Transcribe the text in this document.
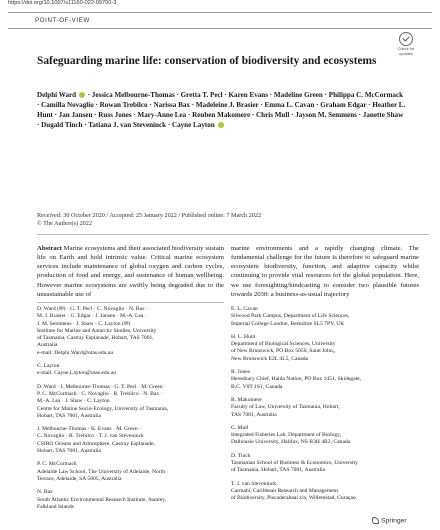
https://doi.org/10.1007/s11160-022-09700-3
POINT-OF-VIEW
Check for
updates
Safeguarding marine life: conservation of biodiversity and ecosystems
Delphi Ward  · Jessica Melbourne-Thomas · Gretta T. Pecl · Karen Evans · Madeline Green · Philippa C. McCormack · Camilla Novaglio · Rowan Trebilco · Narissa Bax · Madeleine J. Brasier · Emma L. Cavan · Graham Edgar · Heather L. Hunt · Jan Jansen · Russ Jones · Mary-Anne Lea · Reuben Makomere · Chris Mull · Jayson M. Semmens · Janette Shaw · Dugald Tinch · Tatiana J. van Steveninck · Cayne Layton
Received: 30 October 2020 / Accepted: 25 January 2022 / Published online: 7 March 2022
© The Author(s) 2022
Abstract Marine ecosystems and their associated biodiversity sustain life on Earth and hold intrinsic value. Critical marine ecosystem services include maintenance of global oxygen and carbon cycles, production of food and energy, and sustenance of human wellbeing. However marine ecosystems are swiftly being degraded due to the unsustainable use of
marine environments and a rapidly changing climate. The fundamental challenge for the future is therefore to safeguard marine ecosystem biodiversity, function, and adaptive capacity whilst continuing to provide vital resources for the global population. Here, we use foresighting/hindcasting to consider two plausible futures towards 2030: a business-as-usual trajectory
D. Ward (✉) · G. T. Pecl · C. Novaglio · N. Bax ·
M. J. Brasier · G. Edgar · J. Jansen · M.-A. Lea ·
J. M. Semmens · J. Shaw · C. Layton (✉)
Institute for Marine and Antarctic Studies, University
of Tasmania, Castray Esplanade, Hobart, TAS 7001,
Australia
e-mail: Delphi.Ward@utas.edu.au
C. Layton
e-mail: Cayne.Layton@utas.edu.au
D. Ward · J. Melbourne-Thomas · G. T. Pecl · M. Green ·
P. C. McCormack · C. Novaglio · R. Trebilco · N. Bax ·
M.-A. Lea · J. Shaw · C. Layton
Centre for Marine Socio-Ecology, University of Tasmania,
Hobart, TAS 7001, Australia
J. Melbourne-Thomas · K. Evans · M. Green ·
C. Novaglio · R. Trebilco · T. J. van Steveninck
CSIRO Oceans and Atmosphere, Castray Esplanade,
Hobart, TAS 7001, Australia
P. C. McCormack
Adelaide Law School, The University of Adelaide, North
Terrace, Adelaide, SA 5005, Australia
N. Bax
South Atlantic Environmental Research Institute, Stanley,
Falkland Islands
E. L. Cavan
Silwood Park Campus, Department of Life Sciences,
Imperial College London, Berkshire SL5 7PY, UK
H. L. Hunt
Department of Biological Sciences, University
of New Brunswick, PO Box 5050, Saint John,,
New Brunswick E2L 4L5, Canada
R. Jones
Hereditary Chief, Haida Nation, PO Box 1451, Skidegate,
B.C. V0T 1S1, Canada
R. Makomere
Faculty of Law, University of Tasmania, Hobart,
TAS 7001, Australia
C. Mull
Integrated Fisheries Lab, Department of Biology,
Dalhousie University, Halifax, NS B3H 4R2, Canada
D. Tinch
Tasmanian School of Business & Economics, University
of Tasmania, Hobart, TAS 7001, Australia
T. J. van Steveninck
Carmabi, Caribbean Research and Management
of Biodiversity, Piscaderabaai z/n, Willemstad, Curaçao
Springer
